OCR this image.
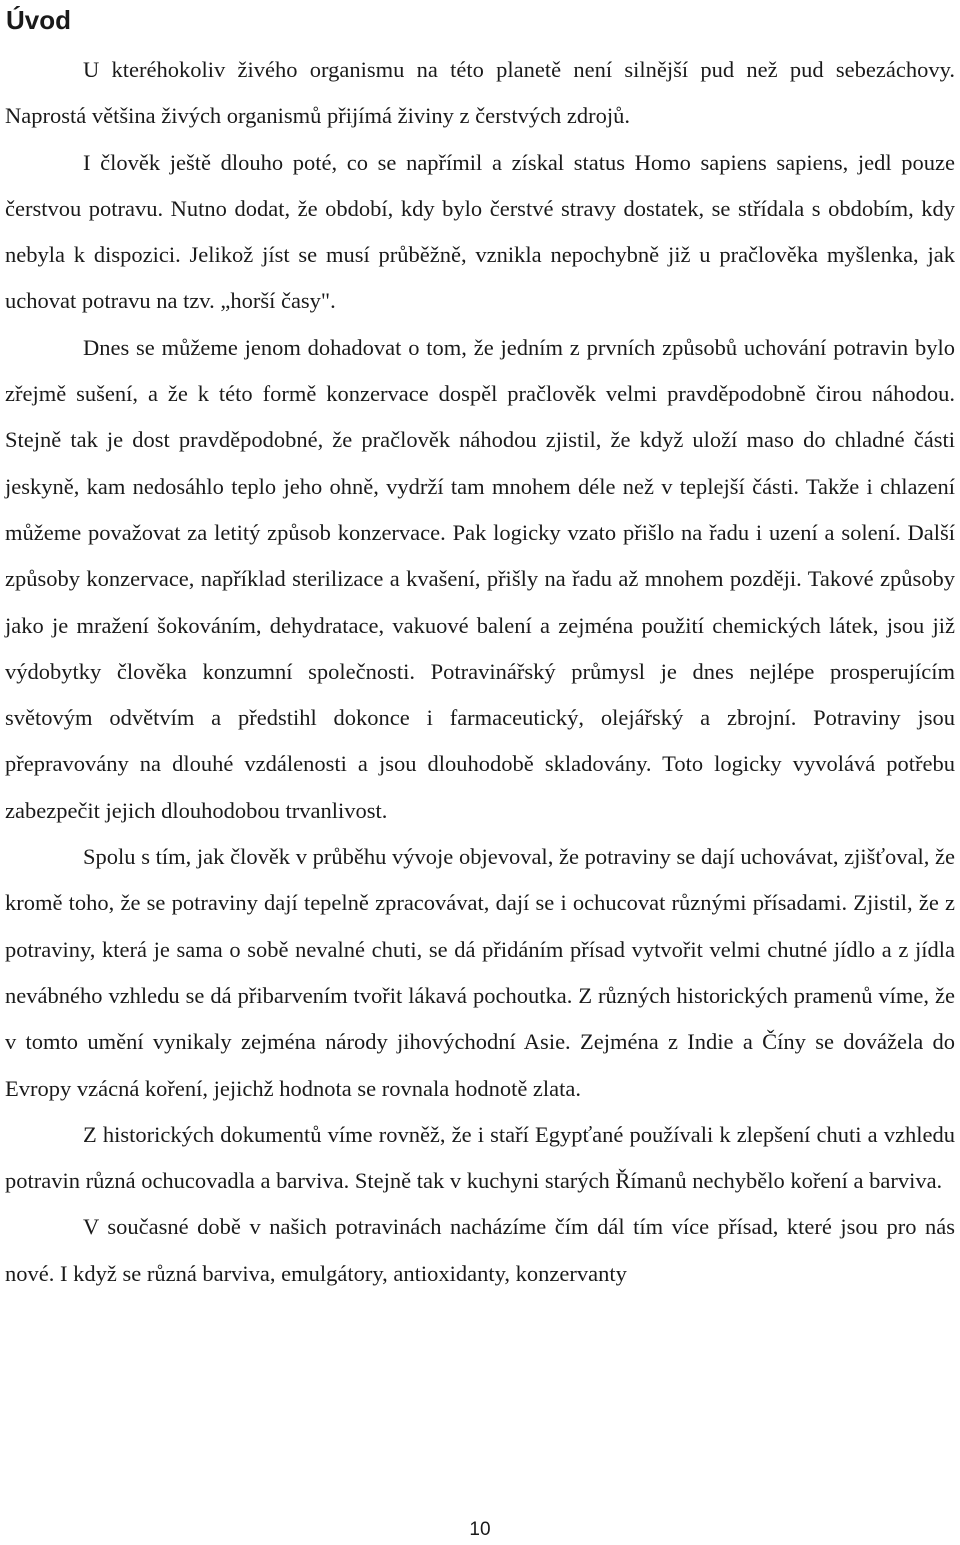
Úvod

U kteréhokoliv živého organismu na této planetě není silnější pud než pud sebezáchovy. Naprostá většina živých organismů přijímá živiny z čerstvých zdrojů.

I člověk ještě dlouho poté, co se napřímil a získal status Homo sapiens sapiens, jedl pouze čerstvou potravu. Nutno dodat, že období, kdy bylo čerstvé stravy dostatek, se střídala s obdobím, kdy nebyla k dispozici. Jelikož jíst se musí průběžně, vznikla nepochybně již u pračlověka myšlenka, jak uchovat potravu na tzv. „horší časy".

Dnes se můžeme jenom dohadovat o tom, že jedním z prvních způsobů uchování potravin bylo zřejmě sušení, a že k této formě konzervace dospěl pračlověk velmi pravděpodobně čirou náhodou. Stejně tak je dost pravděpodobné, že pračlověk náhodou zjistil, že když uloží maso do chladné části jeskyně, kam nedosáhlo teplo jeho ohně, vydrží tam mnohem déle než v teplejší části. Takže i chlazení můžeme považovat za letitý způsob konzervace. Pak logicky vzato přišlo na řadu i uzení a solení. Další způsoby konzervace, například sterilizace a kvašení, přišly na řadu až mnohem později. Takové způsoby jako je mražení šokováním, dehydratace, vakuové balení a zejména použití chemických látek, jsou již výdobytky člověka konzumní společnosti. Potravinářský průmysl je dnes nejlépe prosperujícím světovým odvětvím a předstihl dokonce i farmaceutický, olejářský a zbrojní. Potraviny jsou přepravovány na dlouhé vzdálenosti a jsou dlouhodobě skladovány. Toto logicky vyvolává potřebu zabezpečit jejich dlouhodobou trvanlivost.

Spolu s tím, jak člověk v průběhu vývoje objevoval, že potraviny se dají uchovávat, zjišťoval, že kromě toho, že se potraviny dají tepelně zpracovávat, dají se i ochucovat různými přísadami. Zjistil, že z potraviny, která je sama o sobě nevalné chuti, se dá přidáním přísad vytvořit velmi chutné jídlo a z jídla nevábného vzhledu se dá přibarvením tvořit lákavá pochoutka. Z různých historických pramenů víme, že v tomto umění vynikaly zejména národy jihovýchodní Asie. Zejména z Indie a Číny se dovážela do Evropy vzácná koření, jejichž hodnota se rovnala hodnotě zlata.

Z historických dokumentů víme rovněž, že i staří Egypťané používali k zlepšení chuti a vzhledu potravin různá ochucovadla a barviva. Stejně tak v kuchyni starých Římanů nechybělo koření a barviva.

V současné době v našich potravinách nacházíme čím dál tím více přísad, které jsou pro nás nové. I když se různá barviva, emulgátory, antioxidanty, konzervanty

10
